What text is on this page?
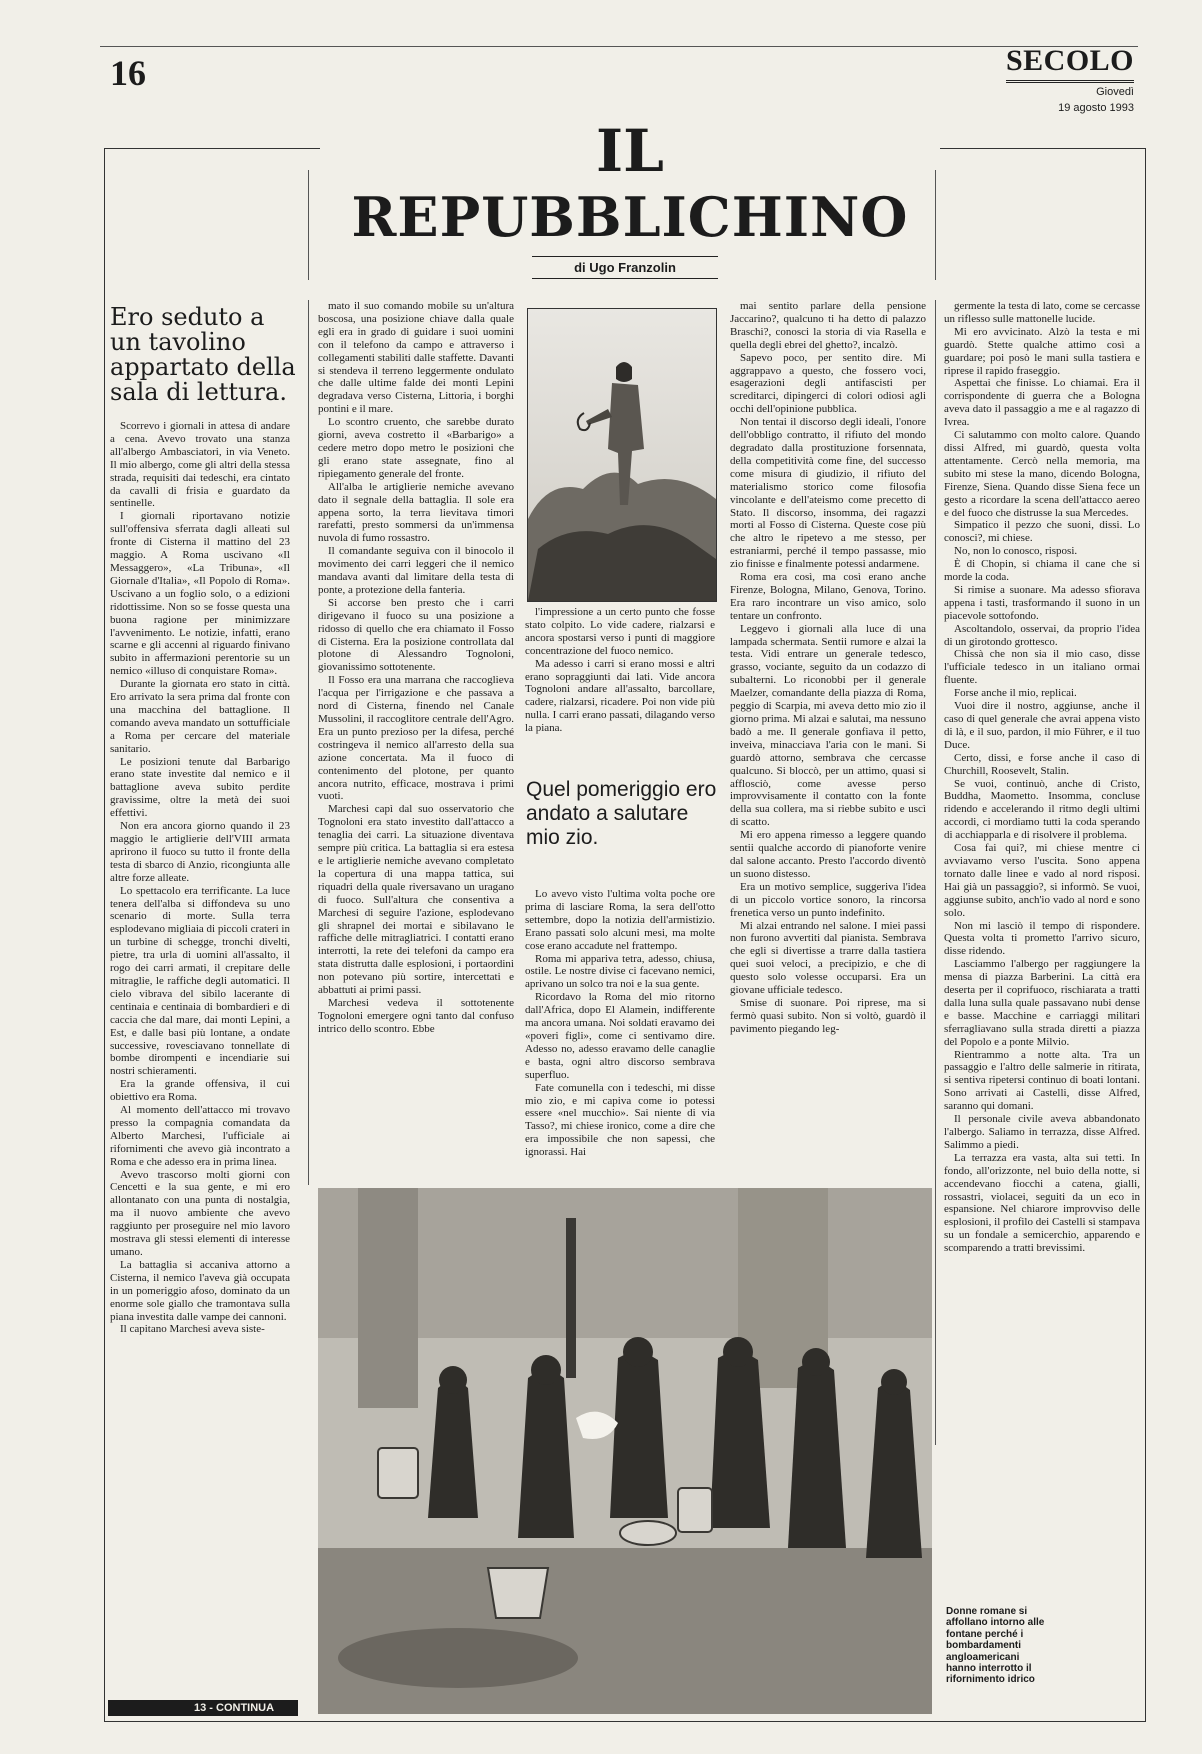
16	SECOLO
Giovedì
19 agosto 1993
IL
REPUBBLICHINO
di Ugo Franzolin
Ero seduto a un tavolino appartato della sala di lettura.

Scorrevo i giornali in attesa di andare a cena. Avevo trovato una stanza all'albergo Ambasciatori, in via Veneto. Il mio albergo, come gli altri della stessa strada, requisiti dai tedeschi, era cintato da cavalli di frisia e guardato da sentinelle.

I giornali riportavano notizie sull'offensiva sferrata dagli alleati sul fronte di Cisterna il mattino del 23 maggio. A Roma uscivano «Il Messaggero», «La Tribuna», «Il Giornale d'Italia», «Il Popolo di Roma». Uscivano a un foglio solo, o a edizioni ridottissime. Non so se fosse questa una buona ragione per minimizzare l'avvenimento. Le notizie, infatti, erano scarne e gli accenni al riguardo finivano subito in affermazioni perentorie su un nemico «illuso di conquistare Roma».

Durante la giornata ero stato in città. Ero arrivato la sera prima dal fronte con una macchina del battaglione. Il comando aveva mandato un sottufficiale a Roma per cercare del materiale sanitario.

Le posizioni tenute dal Barbarigo erano state investite dal nemico e il battaglione aveva subito perdite gravissime, oltre la metà dei suoi effettivi.

Non era ancora giorno quando il 23 maggio le artiglierie dell'VIII armata aprirono il fuoco su tutto il fronte della testa di sbarco di Anzio, ricongiunta alle altre forze alleate.

Lo spettacolo era terrificante. La luce tenera dell'alba si diffondeva su uno scenario di morte. Sulla terra esplodevano migliaia di piccoli crateri in un turbine di schegge, tronchi divelti, pietre, tra urla di uomini all'assalto, il rogo dei carri armati, il crepitare delle mitraglie, le raffiche degli automatici. Il cielo vibrava del sibilo lacerante di centinaia e centinaia di bombardieri e di caccia che dal mare, dai monti Lepini, a Est, e dalle basi più lontane, a ondate successive, rovesciavano tonnellate di bombe dirompenti e incendiarie sui nostri schieramenti.

Era la grande offensiva, il cui obiettivo era Roma.

Al momento dell'attacco mi trovavo presso la compagnia comandata da Alberto Marchesi, l'ufficiale ai rifornimenti che avevo già incontrato a Roma e che adesso era in prima linea.

Avevo trascorso molti giorni con Cencetti e la sua gente, e mi ero allontanato con una punta di nostalgia, ma il nuovo ambiente che avevo raggiunto per proseguire nel mio lavoro mostrava gli stessi elementi di interesse umano.

La battaglia si accaniva attorno a Cisterna, il nemico l'aveva già occupata in un pomeriggio afoso, dominato da un enorme sole giallo che tramontava sulla piana investita dalle vampe dei cannoni.

Il capitano Marchesi aveva siste-

mato il suo comando mobile su un'altura boscosa, una posizione chiave dalla quale egli era in grado di guidare i suoi uomini con il telefono da campo e attraverso i collegamenti stabiliti dalle staffette. Davanti si stendeva il terreno leggermente ondulato che dalle ultime falde dei monti Lepini degradava verso Cisterna, Littoria, i borghi pontini e il mare.

Lo scontro cruento, che sarebbe durato giorni, aveva costretto il «Barbarigo» a cedere metro dopo metro le posizioni che gli erano state assegnate, fino al ripiegamento generale del fronte.

All'alba le artiglierie nemiche avevano dato il segnale della battaglia. Il sole era appena sorto, la terra lievitava timori rarefatti, presto sommersi da un'immensa nuvola di fumo rossastro.

Il comandante seguiva con il binocolo il movimento dei carri leggeri che il nemico mandava avanti dal limitare della testa di ponte, a protezione della fanteria.

Si accorse ben presto che i carri dirigevano il fuoco su una posizione a ridosso di quello che era chiamato il Fosso di Cisterna. Era la posizione controllata dal plotone di Alessandro Tognoloni, giovanissimo sottotenente.

Il Fosso era una marrana che raccoglieva l'acqua per l'irrigazione e che passava a nord di Cisterna, finendo nel Canale Mussolini, il raccoglitore centrale dell'Agro. Era un punto prezioso per la difesa, perché costringeva il nemico all'arresto della sua azione concertata. Ma il fuoco di contenimento del plotone, per quanto ancora nutrito, efficace, mostrava i primi vuoti.

Marchesi capì dal suo osservatorio che Tognoloni era stato investito dall'attacco a tenaglia dei carri. La situazione diventava sempre più critica. La battaglia si era estesa e le artiglierie nemiche avevano completato la copertura di una mappa tattica, sui riquadri della quale riversavano un uragano di fuoco. Sull'altura che consentiva a Marchesi di seguire l'azione, esplodevano gli shrapnel dei mortai e sibilavano le raffiche delle mitragliatrici. I contatti erano interrotti, la rete dei telefoni da campo era stata distrutta dalle esplosioni, i portaordini non potevano più sortire, intercettati e abbattuti ai primi passi.

Marchesi vedeva il sottotenente Tognoloni emergere ogni tanto dal confuso intrico dello scontro. Ebbe

l'impressione a un certo punto che fosse stato colpito. Lo vide cadere, rialzarsi e ancora spostarsi verso i punti di maggiore concentrazione del fuoco nemico.

Ma adesso i carri si erano mossi e altri erano sopraggiunti dai lati. Vide ancora Tognoloni andare all'assalto, barcollare, cadere, rialzarsi, ricadere. Poi non vide più nulla. I carri erano passati, dilagando verso la piana.

Quel pomeriggio ero andato a salutare mio zio.

Lo avevo visto l'ultima volta poche ore prima di lasciare Roma, la sera dell'otto settembre, dopo la notizia dell'armistizio. Erano passati solo alcuni mesi, ma molte cose erano accadute nel frattempo.

Roma mi appariva tetra, adesso, chiusa, ostile. Le nostre divise ci facevano nemici, aprivano un solco tra noi e la sua gente.

Ricordavo la Roma del mio ritorno dall'Africa, dopo El Alamein, indifferente ma ancora umana. Noi soldati eravamo dei «poveri figli», come ci sentivamo dire. Adesso no, adesso eravamo delle canaglie e basta, ogni altro discorso sembrava superfluo.

Fate comunella con i tedeschi, mi disse mio zio, e mi capiva come io potessi essere «nel mucchio». Sai niente di via Tasso?, mi chiese ironico, come a dire che era impossibile che non sapessi, che ignorassi. Hai

mai sentito parlare della pensione Jaccarino?, qualcuno ti ha detto di palazzo Braschi?, conosci la storia di via Rasella e quella degli ebrei del ghetto?, incalzò.

Sapevo poco, per sentito dire. Mi aggrappavo a questo, che fossero voci, esagerazioni degli antifascisti per screditarci, dipingerci di colori odiosi agli occhi dell'opinione pubblica.

Non tentai il discorso degli ideali, l'onore dell'obbligo contratto, il rifiuto del mondo degradato dalla prostituzione forsennata, della competitività come fine, del successo come misura di giudizio, il rifiuto del materialismo storico come filosofia vincolante e dell'ateismo come precetto di Stato. Il discorso, insomma, dei ragazzi morti al Fosso di Cisterna. Queste cose più che altro le ripetevo a me stesso, per estraniarmi, perché il tempo passasse, mio zio finisse e finalmente potessi andarmene.

Roma era così, ma così erano anche Firenze, Bologna, Milano, Genova, Torino. Era raro incontrare un viso amico, solo tentare un confronto.

Leggevo i giornali alla luce di una lampada schermata. Sentii rumore e alzai la testa. Vidi entrare un generale tedesco, grasso, vociante, seguito da un codazzo di subalterni. Lo riconobbi per il generale Maelzer, comandante della piazza di Roma, peggio di Scarpia, mi aveva detto mio zio il giorno prima. Mi alzai e salutai, ma nessuno badò a me. Il generale gonfiava il petto, inveiva, minacciava l'aria con le mani. Si guardò attorno, sembrava che cercasse qualcuno. Si bloccò, per un attimo, quasi si afflosciò, come avesse perso improvvisamente il contatto con la fonte della sua collera, ma si riebbe subito e uscì di scatto.

Mi ero appena rimesso a leggere quando sentii qualche accordo di pianoforte venire dal salone accanto. Presto l'accordo diventò un suono distesso.

Era un motivo semplice, suggeriva l'idea di un piccolo vortice sonoro, la rincorsa frenetica verso un punto indefinito.

Mi alzai entrando nel salone. I miei passi non furono avvertiti dal pianista. Sembrava che egli si divertisse a trarre dalla tastiera quei suoi veloci, a precipizio, e che di questo solo volesse occuparsi. Era un giovane ufficiale tedesco.

Smise di suonare. Poi riprese, ma si fermò quasi subito. Non si voltò, guardò il pavimento piegando leg-

germente la testa di lato, come se cercasse un riflesso sulle mattonelle lucide.

Mi ero avvicinato. Alzò la testa e mi guardò. Stette qualche attimo così a guardare; poi posò le mani sulla tastiera e riprese il rapido fraseggio.

Aspettai che finisse. Lo chiamai. Era il corrispondente di guerra che a Bologna aveva dato il passaggio a me e al ragazzo di Ivrea.

Ci salutammo con molto calore. Quando dissi Alfred, mi guardò, questa volta attentamente. Cercò nella memoria, ma subito mi stese la mano, dicendo Bologna, Firenze, Siena. Quando disse Siena fece un gesto a ricordare la scena dell'attacco aereo e del fuoco che distrusse la sua Mercedes.

Simpatico il pezzo che suoni, dissi. Lo conosci?, mi chiese.

No, non lo conosco, risposi.

È di Chopin, si chiama il cane che si morde la coda.

Si rimise a suonare. Ma adesso sfiorava appena i tasti, trasformando il suono in un piacevole sottofondo.

Ascoltandolo, osservai, da proprio l'idea di un girotondo grottesco.

Chissà che non sia il mio caso, disse l'ufficiale tedesco in un italiano ormai fluente.

Forse anche il mio, replicai.

Vuoi dire il nostro, aggiunse, anche il caso di quel generale che avrai appena visto di là, e il suo, pardon, il mio Führer, e il tuo Duce.

Certo, dissi, e forse anche il caso di Churchill, Roosevelt, Stalin.

Se vuoi, continuò, anche di Cristo, Buddha, Maometto. Insomma, concluse ridendo e accelerando il ritmo degli ultimi accordi, ci mordiamo tutti la coda sperando di acchiapparla e di risolvere il problema.

Cosa fai qui?, mi chiese mentre ci avviavamo verso l'uscita. Sono appena tornato dalle linee e vado al nord risposi. Hai già un passaggio?, si informò. Se vuoi, aggiunse subito, anch'io vado al nord e sono solo.

Non mi lasciò il tempo di rispondere. Questa volta ti prometto l'arrivo sicuro, disse ridendo.

Lasciammo l'albergo per raggiungere la mensa di piazza Barberini. La città era deserta per il coprifuoco, rischiarata a tratti dalla luna sulla quale passavano nubi dense e basse. Macchine e carriaggi militari sferragliavano sulla strada diretti a piazza del Popolo e a ponte Milvio.

Rientrammo a notte alta. Tra un passaggio e l'altro delle salmerie in ritirata, si sentiva ripetersi continuo di boati lontani. Sono arrivati ai Castelli, disse Alfred, saranno qui domani.

Il personale civile aveva abbandonato l'albergo. Saliamo in terrazza, disse Alfred. Salimmo a piedi.

La terrazza era vasta, alta sui tetti. In fondo, all'orizzonte, nel buio della notte, si accendevano fiocchi a catena, gialli, rossastri, violacei, seguiti da un eco in espansione. Nel chiarore improvviso delle esplosioni, il profilo dei Castelli si stampava su un fondale a semicerchio, apparendo e scomparendo a tratti brevissimi.

Donne romane si affollano intorno alle fontane perché i bombardamenti angloamericani hanno interrotto il rifornimento idrico
13 - CONTINUA
